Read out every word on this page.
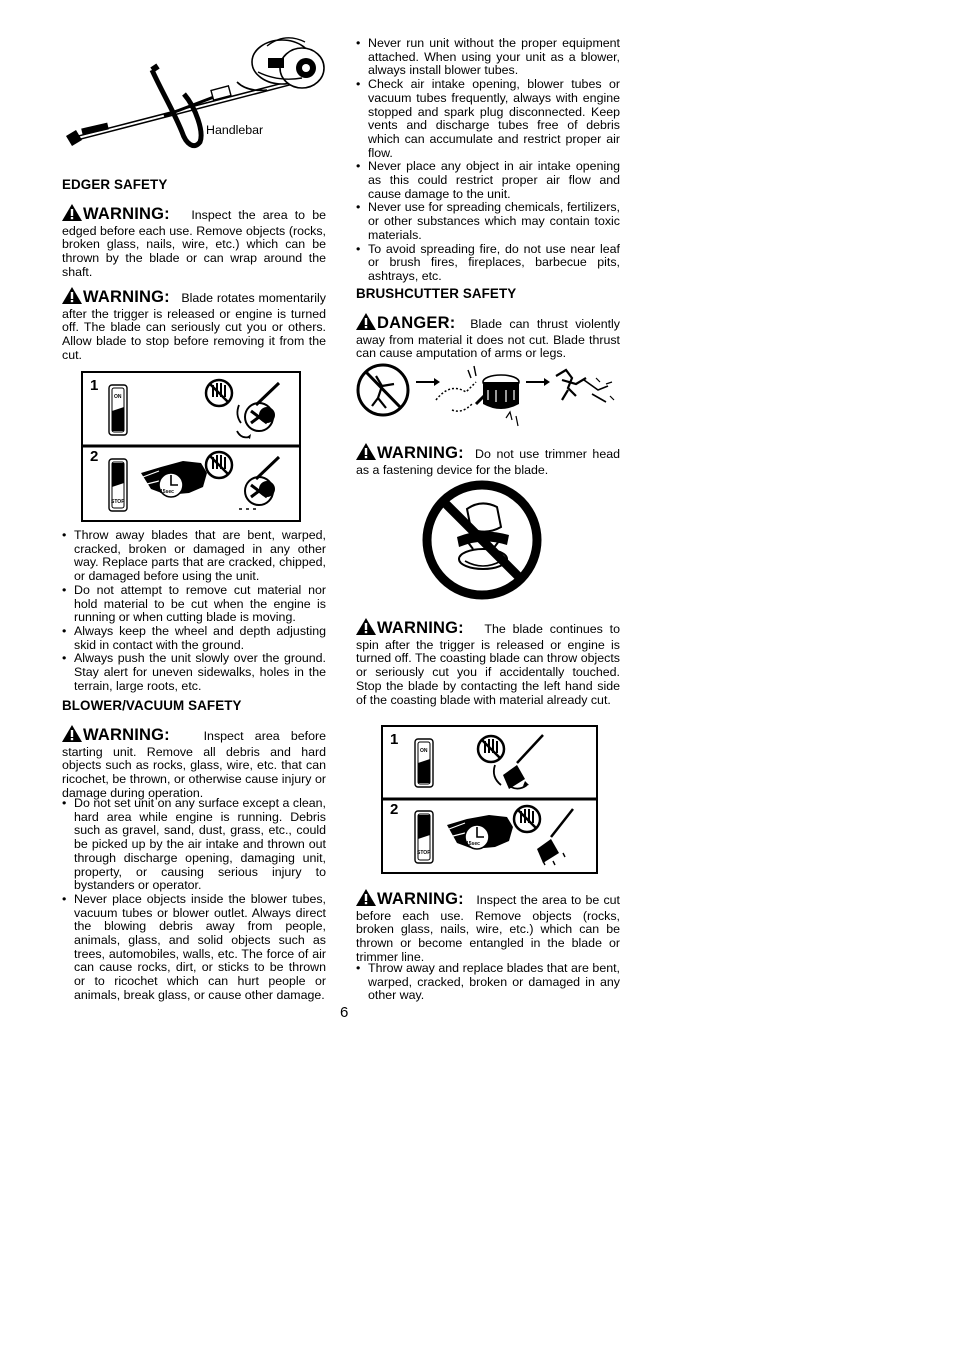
Handlebar
EDGER SAFETY

WARNING: Inspect the area to be edged before each use. Remove objects (rocks, broken glass, nails, wire, etc.) which can be thrown by the blade or can wrap around the shaft.

WARNING: Blade rotates momentarily after the trigger is released or engine is turned off. The blade can seriously cut you or others. Allow blade to stop before removing it from the cut.

1
2
ON
STOP
15sec
• Throw away blades that are bent, warped, cracked, broken or damaged in any other way. Replace parts that are cracked, chipped, or damaged before using the unit.
• Do not attempt to remove cut material nor hold material to be cut when the engine is running or when cutting blade is moving.
• Always keep the wheel and depth adjusting skid in contact with the ground.
• Always push the unit slowly over the ground. Stay alert for uneven sidewalks, holes in the terrain, large roots, etc.
BLOWER/VACUUM SAFETY

WARNING:	Inspect area before starting unit. Remove all debris and hard objects such as rocks, glass, wire, etc. that can ricochet, be thrown, or otherwise cause injury or damage during operation.

• Do not set unit on any surface except a clean, hard area while engine is running. Debris such as gravel, sand, dust, grass, etc., could be picked up by the air intake and thrown out through discharge opening, damaging unit, property, or causing serious injury to bystanders or operator.
• Never place objects inside the blower tubes, vacuum tubes or blower outlet. Always direct the blowing debris away from people, animals, glass, and solid objects such as trees, automobiles, walls, etc. The force of air can cause rocks, dirt, or sticks to be thrown or to ricochet which can hurt people or animals, break glass, or cause other damage.
• Never run unit without the proper equipment attached. When using your unit as a blower, always install blower tubes.
• Check air intake opening, blower tubes or vacuum tubes frequently, always with engine stopped and spark plug disconnected. Keep vents and discharge tubes free of debris which can accumulate and restrict proper air flow.
• Never place any object in air intake opening as this could restrict proper air flow and cause damage to the unit.
• Never use for spreading chemicals, fertilizers, or other substances which may contain toxic materials.
• To avoid spreading fire, do not use near leaf or brush fires, fireplaces, barbecue pits, ashtrays, etc.
BRUSHCUTTER SAFETY

DANGER: Blade can thrust violently away from material it does not cut. Blade thrust can cause amputation of arms or legs.

WARNING: Do not use trimmer head as a fastening device for the blade.

WARNING: The blade continues to spin after the trigger is released or engine is turned off. The coasting blade can throw objects or seriously cut you if accidentally touched. Stop the blade by contacting the left hand side of the coasting blade with material already cut.

1
2
ON
STOP
15sec

WARNING: Inspect the area to be cut before each use. Remove objects (rocks, broken glass, nails, wire, etc.) which can be thrown or become entangled in the blade or trimmer line.

• Throw away and replace blades that are bent, warped, cracked, broken or damaged in any other way.
6
